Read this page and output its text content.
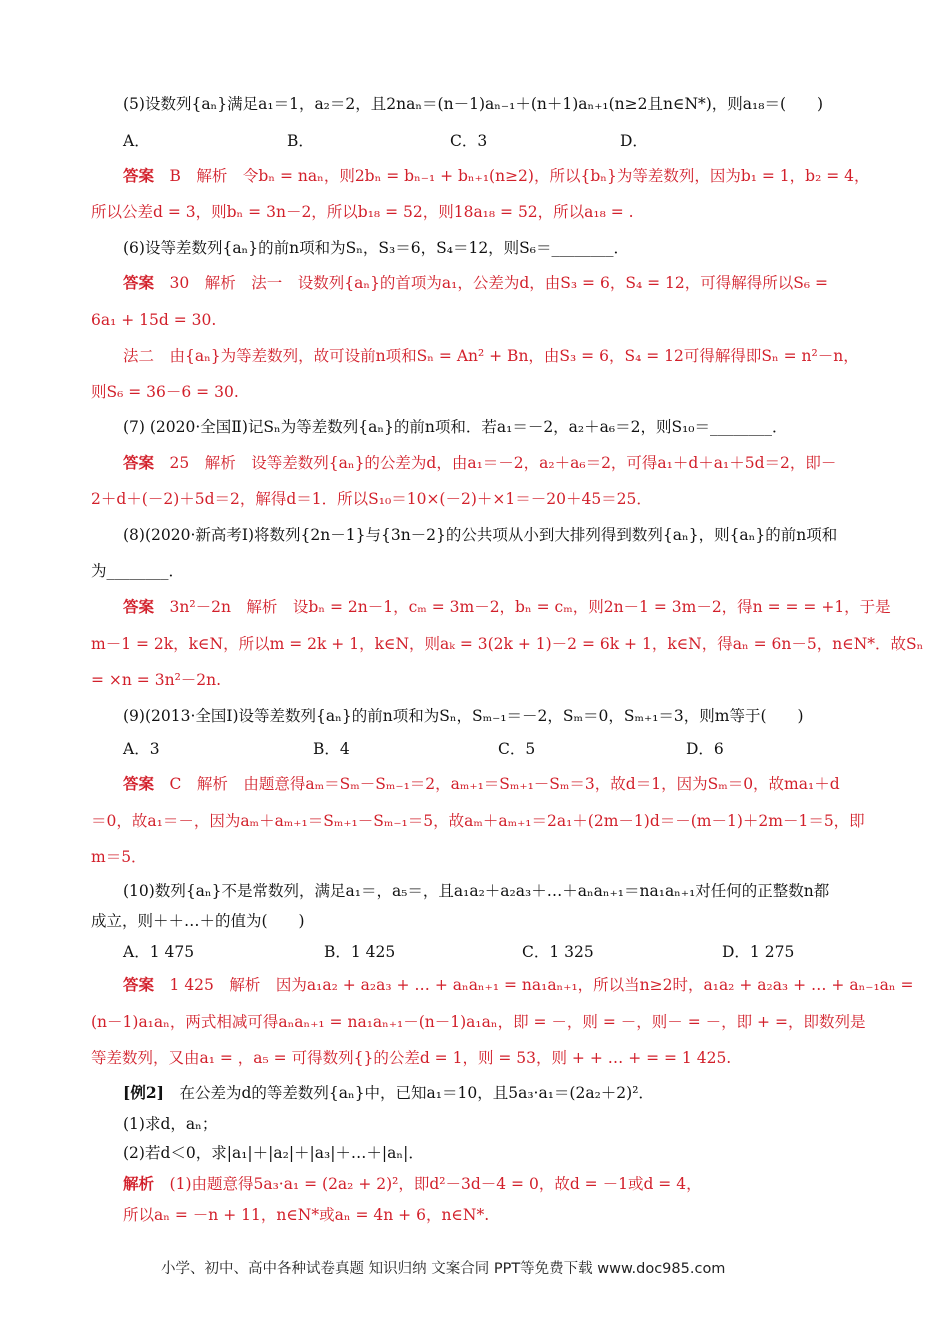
(5)设数列{aₙ}满足a₁＝1，a₂＝2，且2naₙ＝(n－1)aₙ₋₁＋(n＋1)aₙ₊₁(n≥2且n∈N*)，则a₁₈＝(　　)
A．	B．	C．3	D．
答案　 B　解析　令bₙ = naₙ，则2bₙ = bₙ₋₁ + bₙ₊₁(n≥2)，所以{bₙ}为等差数列，因为b₁ = 1，b₂ = 4，
所以公差d = 3，则bₙ = 3n－2，所以b₁₈ = 52，则18a₁₈ = 52，所以a₁₈ = .
(6)设等差数列{aₙ}的前n项和为Sₙ，S₃＝6，S₄＝12，则S₆＝________．
答案　 30　解析　法一　设数列{aₙ}的首项为a₁，公差为d，由S₃ = 6，S₄ = 12，可得解得所以S₆ =
6a₁ + 15d = 30.
法二　由{aₙ}为等差数列，故可设前n项和Sₙ = An² + Bn，由S₃ = 6，S₄ = 12可得解得即Sₙ = n²－n，
则S₆ = 36－6 = 30.
(7) (2020·全国Ⅱ)记Sₙ为等差数列{aₙ}的前n项和．若a₁＝－2，a₂＋a₆＝2，则S₁₀＝________．
答案　 25　解析　设等差数列{aₙ}的公差为d，由a₁＝－2，a₂＋a₆＝2，可得a₁＋d＋a₁＋5d＝2，即－
2＋d＋(－2)＋5d＝2，解得d＝1．所以S₁₀＝10×(－2)＋×1＝－20＋45＝25．
(8)(2020·新高考Ⅰ)将数列{2n－1}与{3n－2}的公共项从小到大排列得到数列{aₙ}，则{aₙ}的前n项和
为________．
答案　 3n²－2n　解析　设bₙ = 2n－1，cₘ = 3m－2，bₙ = cₘ，则2n－1 = 3m－2，得n = = = +1，于是
m－1 = 2k，k∈N，所以m = 2k + 1，k∈N，则aₖ = 3(2k + 1)－2 = 6k + 1，k∈N，得aₙ = 6n－5，n∈N*．故Sₙ
= ×n = 3n²－2n.
(9)(2013·全国Ⅰ)设等差数列{aₙ}的前n项和为Sₙ，Sₘ₋₁＝－2，Sₘ＝0，Sₘ₊₁＝3，则m等于(　　)
A．3	B．4	C．5	D．6
答案　 C　解析　由题意得aₘ＝Sₘ－Sₘ₋₁＝2，aₘ₊₁＝Sₘ₊₁－Sₘ＝3，故d＝1，因为Sₘ＝0，故ma₁＋d
＝0，故a₁＝－，因为aₘ＋aₘ₊₁＝Sₘ₊₁－Sₘ₋₁＝5，故aₘ＋aₘ₊₁＝2a₁＋(2m－1)d＝－(m－1)＋2m－1＝5，即
m＝5．
(10)数列{aₙ}不是常数列，满足a₁＝，a₅＝，且a₁a₂＋a₂a₃＋…＋aₙaₙ₊₁＝na₁aₙ₊₁对任何的正整数n都
成立，则＋＋…＋的值为(　　)
A．1 475	B．1 425	C．1 325	D．1 275
答案　 1 425　解析　因为a₁a₂ + a₂a₃ + … + aₙaₙ₊₁ = na₁aₙ₊₁，所以当n≥2时，a₁a₂ + a₂a₃ + … + aₙ₋₁aₙ =
(n－1)a₁aₙ，两式相减可得aₙaₙ₊₁ = na₁aₙ₊₁－(n－1)a₁aₙ，即 = －，则 = －，则－ = －，即 + =，即数列是
等差数列，又由a₁ = ，a₅ = 可得数列{}的公差d = 1，则 = 53，则 + + … + = = 1 425.
[例2]　 在公差为d的等差数列{aₙ}中，已知a₁＝10，且5a₃·a₁＝(2a₂＋2)²．
(1)求d，aₙ；
(2)若d＜0，求|a₁|＋|a₂|＋|a₃|＋…＋|aₙ|．
解析　 (1)由题意得5a₃·a₁ = (2a₂ + 2)²，即d²－3d－4 = 0，故d = －1或d = 4，
所以aₙ = －n + 11，n∈N*或aₙ = 4n + 6，n∈N*.
小学、初中、高中各种试卷真题 知识归纳 文案合同 PPT等免费下载 www.doc985.com
